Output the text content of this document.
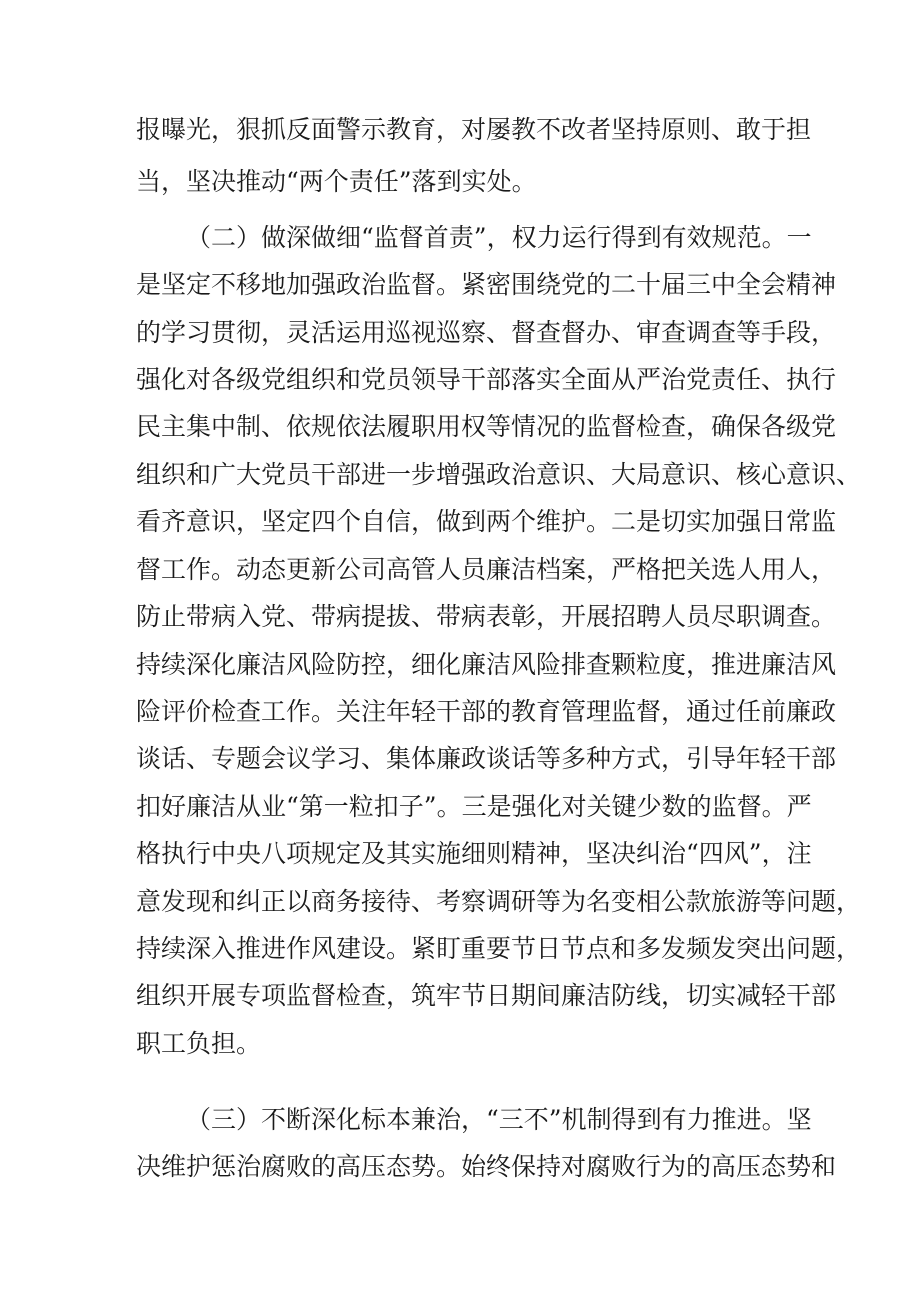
报曝光，狠抓反面警示教育，对屡教不改者坚持原则、敢于担
当，坚决推动“两个责任”落到实处。
（二）做深做细“监督首责”，权力运行得到有效规范。一
是坚定不移地加强政治监督。紧密围绕党的二十届三中全会精神
的学习贯彻，灵活运用巡视巡察、督查督办、审查调查等手段，
强化对各级党组织和党员领导干部落实全面从严治党责任、执行
民主集中制、依规依法履职用权等情况的监督检查，确保各级党
组织和广大党员干部进一步增强政治意识、大局意识、核心意识、
看齐意识，坚定四个自信，做到两个维护。二是切实加强日常监
督工作。动态更新公司高管人员廉洁档案，严格把关选人用人，
防止带病入党、带病提拔、带病表彰，开展招聘人员尽职调查。
持续深化廉洁风险防控，细化廉洁风险排查颗粒度，推进廉洁风
险评价检查工作。关注年轻干部的教育管理监督，通过任前廉政
谈话、专题会议学习、集体廉政谈话等多种方式，引导年轻干部
扣好廉洁从业“第一粒扣子”。三是强化对关键少数的监督。严
格执行中央八项规定及其实施细则精神，坚决纠治“四风”，注
意发现和纠正以商务接待、考察调研等为名变相公款旅游等问题，
持续深入推进作风建设。紧盯重要节日节点和多发频发突出问题，
组织开展专项监督检查，筑牢节日期间廉洁防线，切实减轻干部
职工负担。
（三）不断深化标本兼治，“三不”机制得到有力推进。坚
决维护惩治腐败的高压态势。始终保持对腐败行为的高压态势和
